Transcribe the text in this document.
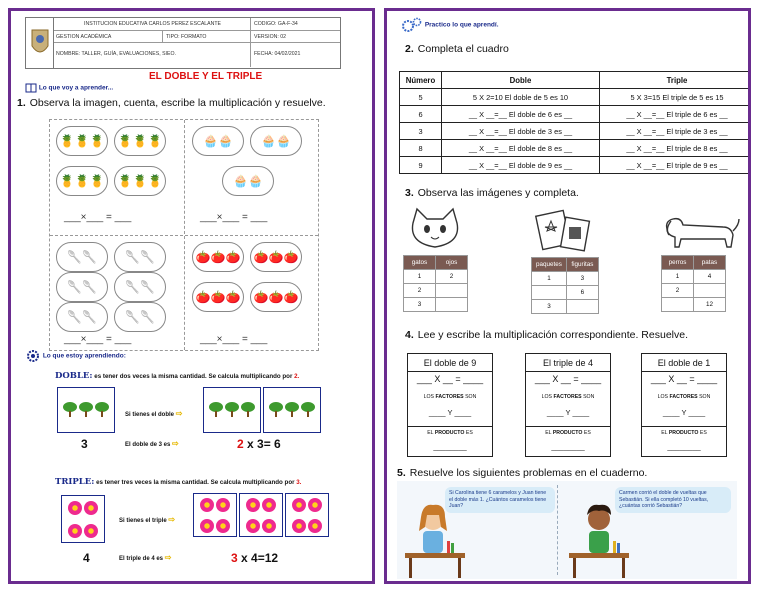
INSTITUCION EDUCATIVA CARLOS PEREZ ESCALANTE	CODIGO: GA-F-34
GESTION ACADÉMICA	TIPO: FORMATO	VERSION: 02
NOMBRE: TALLER, GUÍA, EVALUACIONES, SIEO.	FECHA: 04/02/2021
Lo que voy a aprender...
EL DOBLE Y EL TRIPLE
1. Observa la imagen, cuenta, escribe la multiplicación y resuelve.
🍍🍍🍍 🍍🍍🍍
🍍🍍🍍 🍍🍍🍍
___×___ = ___
🧁🧁	🧁🧁
🧁🧁
___×___ = ___
🥄🥄 🥄🥄
🥄🥄 🥄🥄
🥄🥄 🥄🥄
___×___ = ___
🍅🍅🍅 🍅🍅🍅
🍅🍅🍅 🍅🍅🍅
___×___ = ___
Lo que estoy aprendiendo:
DOBLE: es tener dos veces la misma cantidad. Se calcula multiplicando por 2.
Si tienes el doble ⇨
3	El doble de 3 es ⇨	2 x 3= 6
TRIPLE: es tener tres veces la misma cantidad. Se calcula multiplicando por 3.
Si tienes el triple ⇨
4	El triple de 4 es ⇨	3 x 4=12
Practico lo que aprendí.
2. Completa el cuadro
Número	Doble	Triple
5	5 X 2=10 El doble de 5 es 10	5 X 3=15 El triple de 5 es 15
6	__ X __=__ El doble de 6 es __	__ X __=__ El triple de 6 es __
3	__ X __=__ El doble de 3 es __	__ X __=__ El triple de 3 es __
8	__ X __=__ El doble de 8 es __	__ X __=__ El triple de 8 es __
9	__ X __=__ El doble de 9 es __	__ X __=__ El triple de 9 es __
3. Observa las imágenes y completa.
gatos	ojos
1	2
2	
3	
paquetes	figuritas
1	3
	6
3	
perros	patas
1	4
2	
	12
4. Lee y escribe la multiplicación correspondiente. Resuelve.
El doble de 9
___ X __ = ____
LOS FACTORES SON
____ Y ____
EL PRODUCTO ES
________
El triple de 4
___ X __ = ____
LOS FACTORES SON
____ Y ____
EL PRODUCTO ES
________
El doble de 1
___ X __ = ____
LOS FACTORES SON
____ Y ____
EL PRODUCTO ES
________
5. Resuelve los siguientes problemas en el cuaderno.
Si Carolina tiene 6 caramelos y Juan tiene el doble más 1. ¿Cuántos caramelos tiene Juan?
Carmen corrió el doble de vueltas que Sebastián. Si ella completó 10 vueltas, ¿cuántas corrió Sebastián?
